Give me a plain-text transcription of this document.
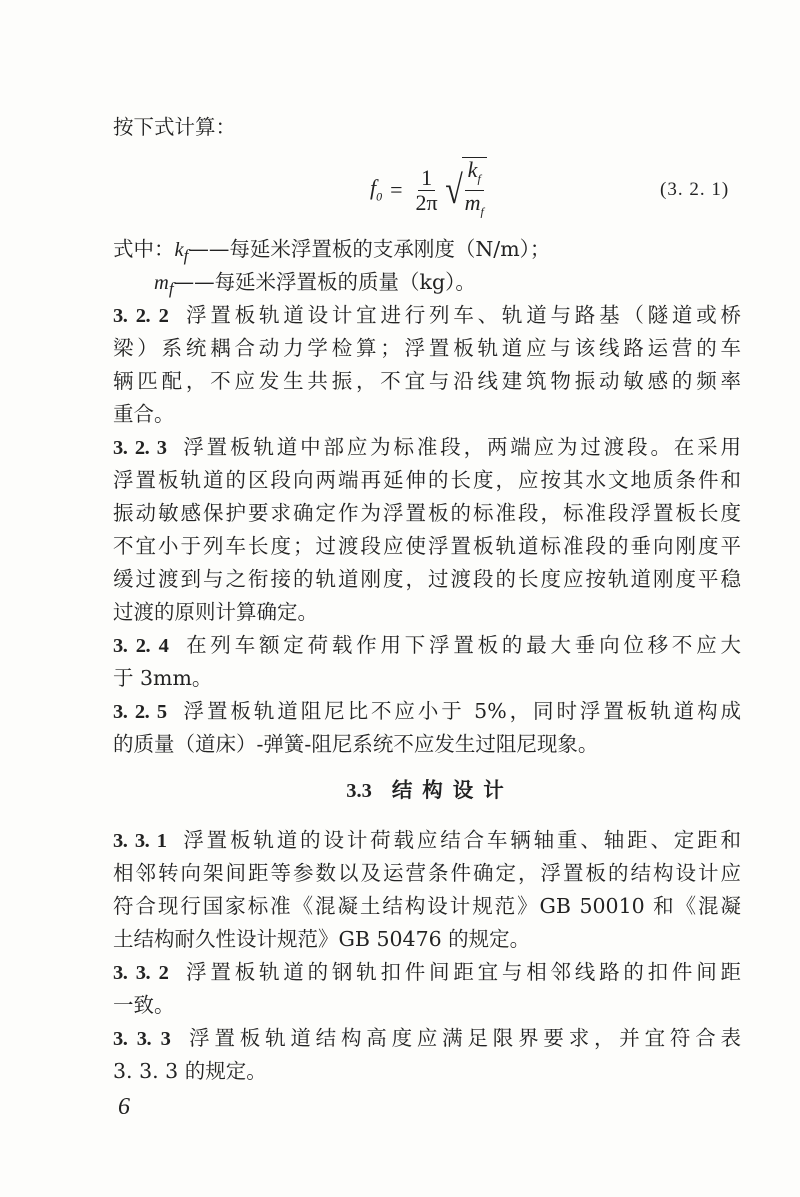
按下式计算：
$f_0 = \frac{1}{2\pi}$ √ $\frac{k_f}{m_f}$	(3. 2. 1)
式中：$k_f——$每延米浮置板的支承刚度（N/m）；
$m_f——$每延米浮置板的质量（kg）。
3. 2. 2 浮置板轨道设计宜进行列车、轨道与路基（隧道或桥
梁）系统耦合动力学检算；浮置板轨道应与该线路运营的车
辆匹配，不应发生共振，不宜与沿线建筑物振动敏感的频率
重合。
3. 2. 3 浮置板轨道中部应为标准段，两端应为过渡段。在采用
浮置板轨道的区段向两端再延伸的长度，应按其水文地质条件和
振动敏感保护要求确定作为浮置板的标准段，标准段浮置板长度
不宜小于列车长度；过渡段应使浮置板轨道标准段的垂向刚度平
缓过渡到与之衔接的轨道刚度，过渡段的长度应按轨道刚度平稳
过渡的原则计算确定。
3. 2. 4 在列车额定荷载作用下浮置板的最大垂向位移不应大
于 3mm。
3. 2. 5 浮置板轨道阻尼比不应小于 5%，同时浮置板轨道构成
的质量（道床）-弹簧-阻尼系统不应发生过阻尼现象。
3.3 结构设计
3. 3. 1 浮置板轨道的设计荷载应结合车辆轴重、轴距、定距和
相邻转向架间距等参数以及运营条件确定，浮置板的结构设计应
符合现行国家标准《混凝土结构设计规范》GB 50010 和《混凝
土结构耐久性设计规范》GB 50476 的规定。
3. 3. 2 浮置板轨道的钢轨扣件间距宜与相邻线路的扣件间距
一致。
3. 3. 3 浮置板轨道结构高度应满足限界要求，并宜符合表
3. 3. 3 的规定。
6
